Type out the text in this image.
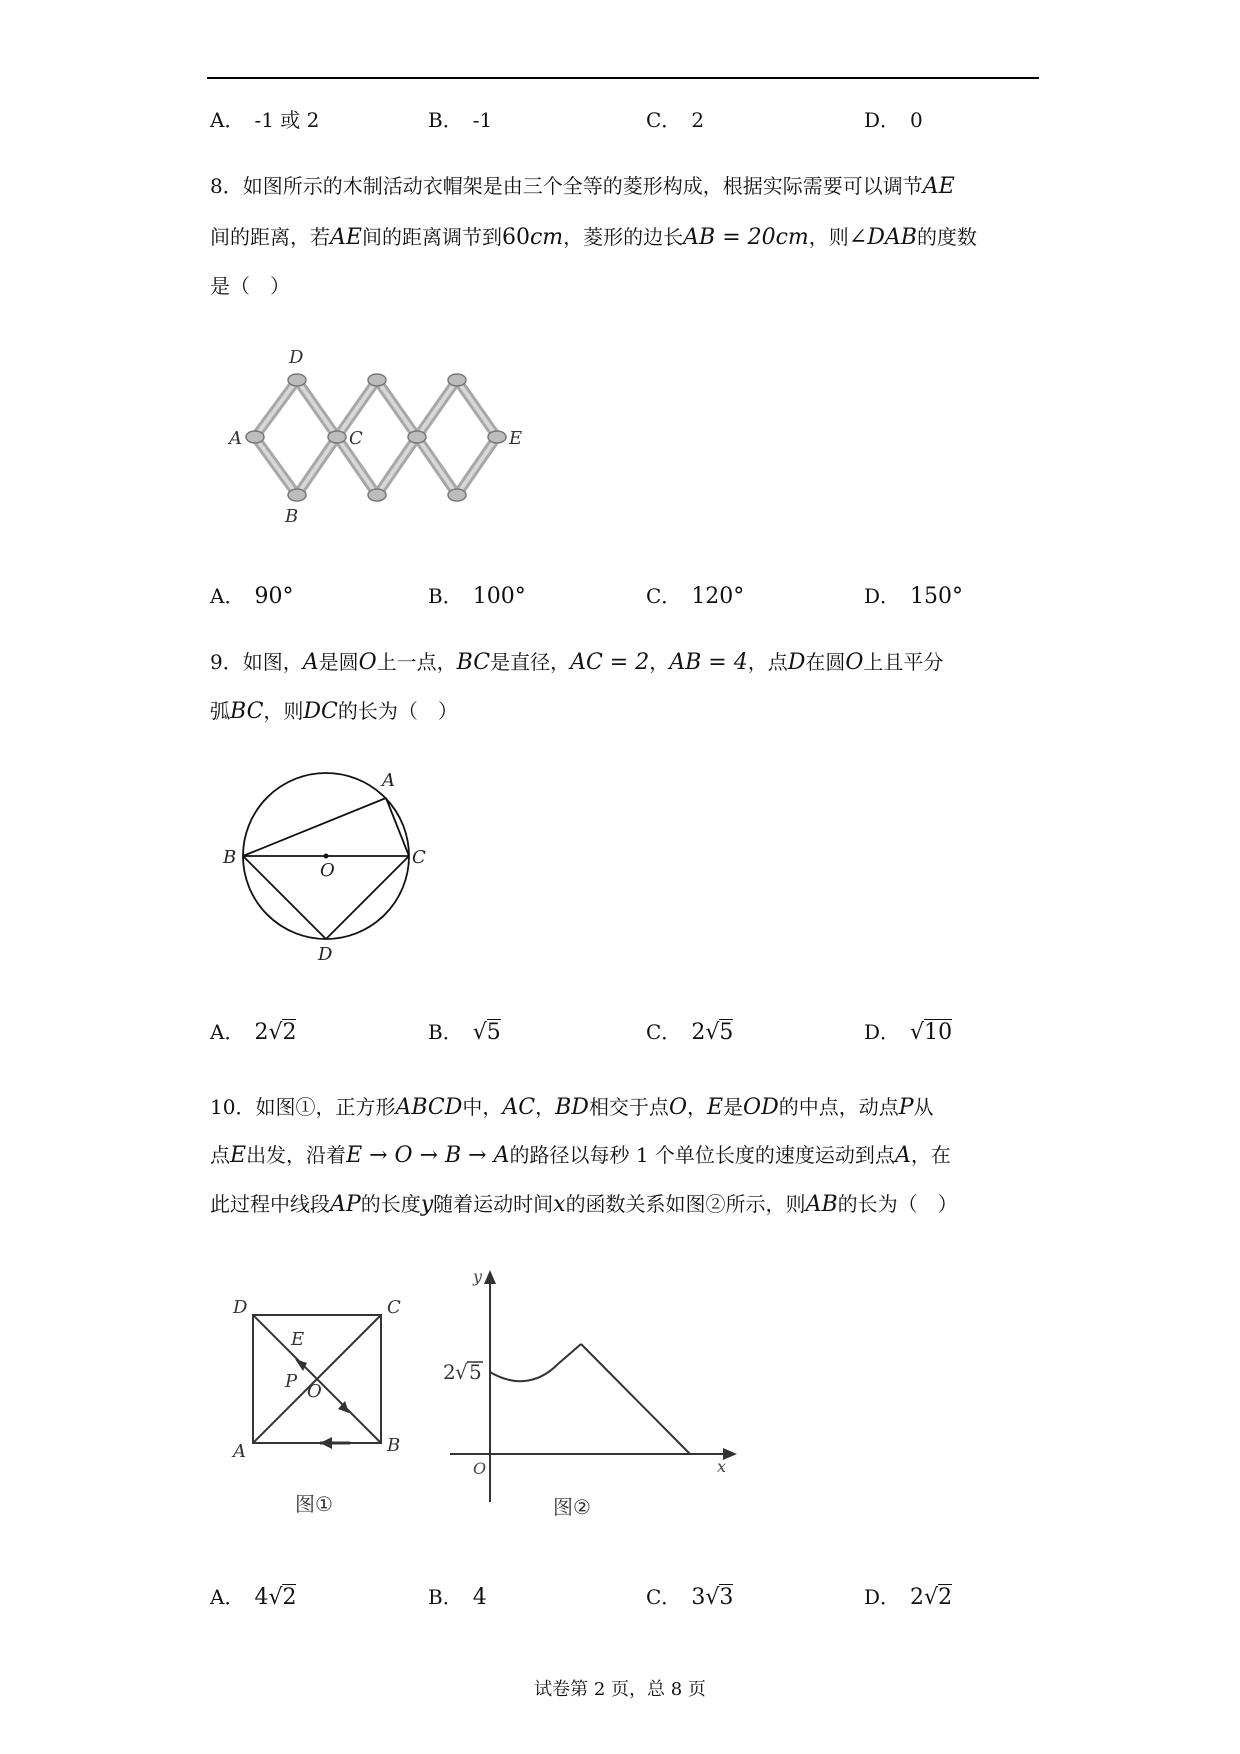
A． -1 或 2	B． -1	C． 2	D． 0
8．如图所示的木制活动衣帽架是由三个全等的菱形构成，根据实际需要可以调节AE
间的距离，若AE间的距离调节到60cm，菱形的边长AB = 20cm，则∠DAB的度数
是（　）
D
A	C	E
B
A． 90°	B． 100°	C． 120°	D． 150°
9．如图，A是圆O上一点，BC是直径，AC = 2，AB = 4，点D在圆O上且平分
弧BC，则DC的长为（　）
A
B	C
O
D
A． 2√2	B． √5	C． 2√5	D． √10
10．如图①，正方形ABCD中，AC，BD相交于点O，E是OD的中点，动点P从
点E出发，沿着E → O → B → A的路径以每秒 1 个单位长度的速度运动到点A，在
此过程中线段AP的长度y随着运动时间x的函数关系如图②所示，则AB的长为（　）
D	C
E
P O
A	B
图①
y
x
O
2 √ 5
图②
A． 4√2	B． 4	C． 3√3	D． 2√2
试卷第 2 页，总 8 页
